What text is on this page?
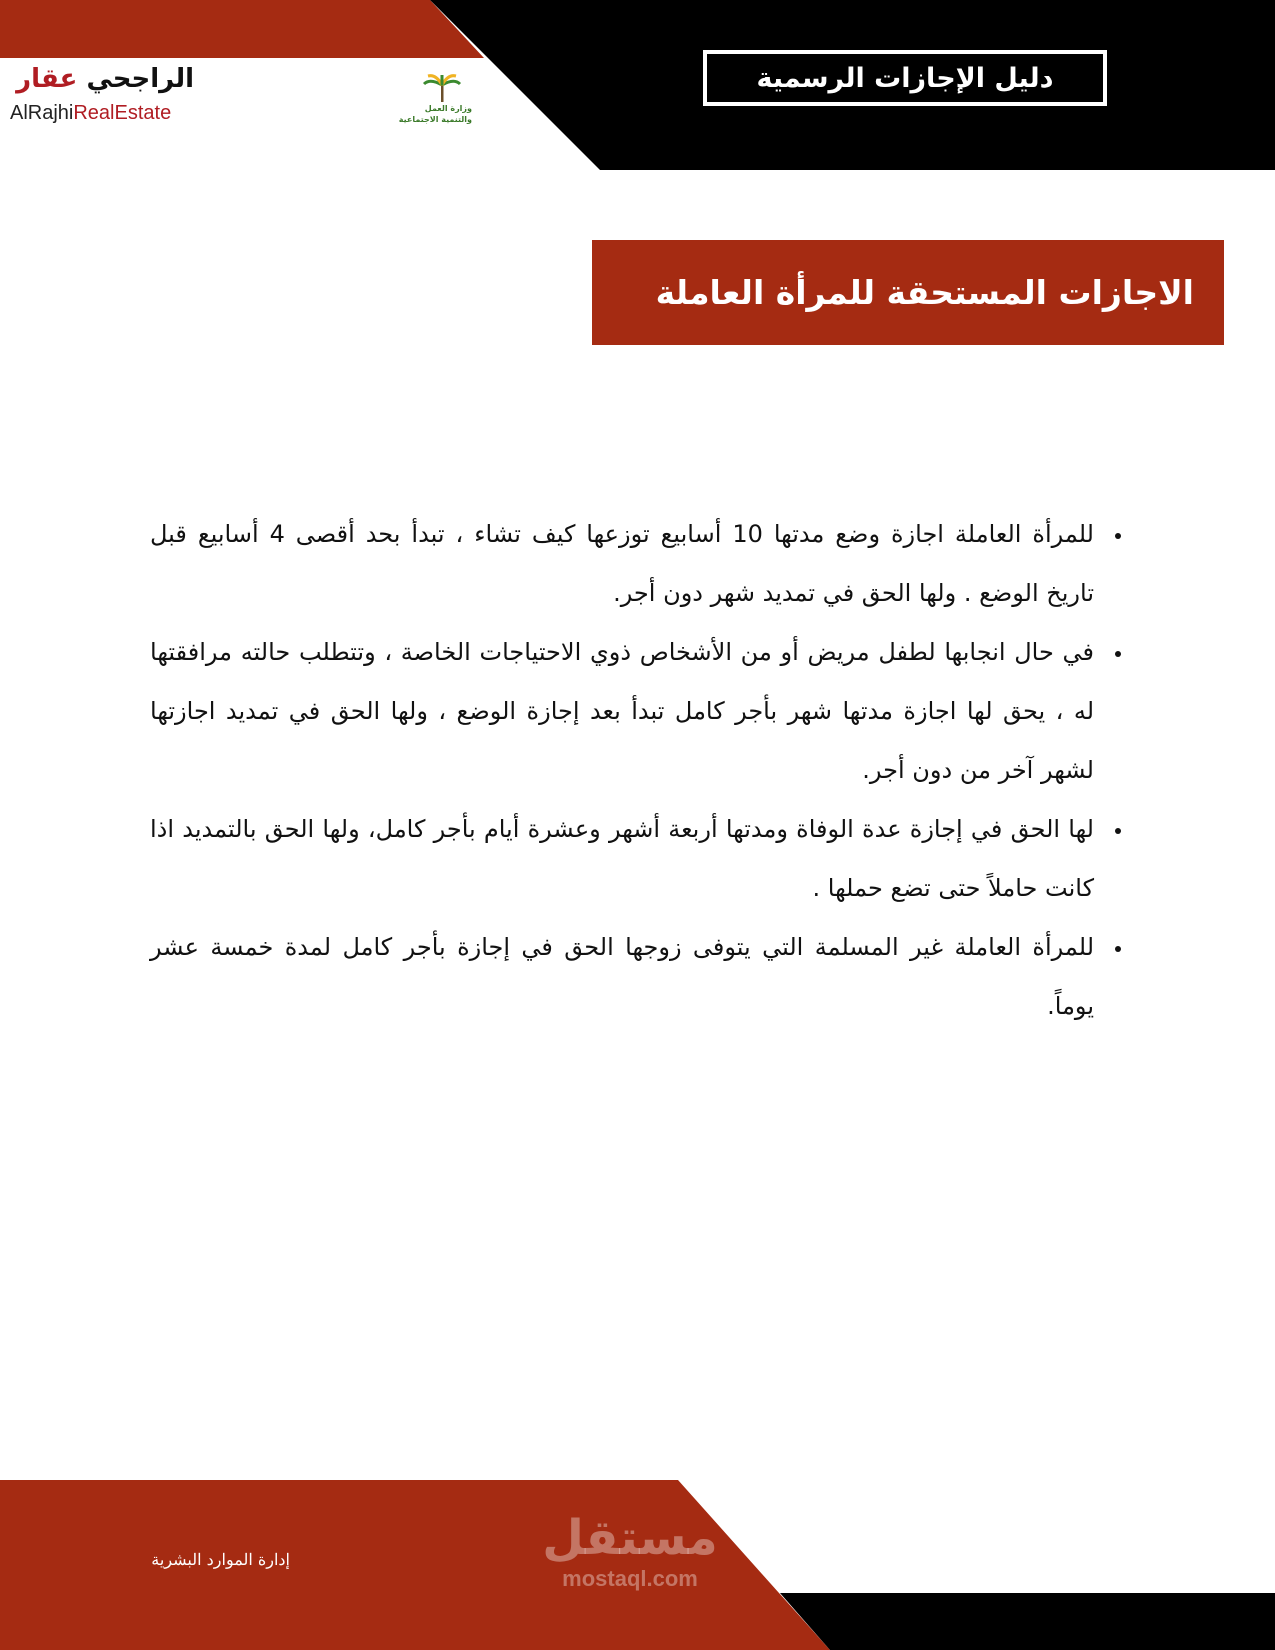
دليل الإجازات الرسمية
الراجحي عقار
AlRajhiRealEstate	وزارة العمل
والتنمية الاجتماعية
الاجازات المستحقة للمرأة العاملة
• للمرأة العاملة اجازة وضع مدتها 10 أسابيع توزعها كيف تشاء ، تبدأ بحد أقصى 4 أسابيع قبل تاريخ الوضع . ولها الحق في تمديد شهر دون أجر.
• في حال انجابها لطفل مريض أو من الأشخاص ذوي الاحتياجات الخاصة ، وتتطلب حالته مرافقتها له ، يحق لها اجازة مدتها شهر بأجر كامل تبدأ بعد إجازة الوضع ، ولها الحق في تمديد اجازتها لشهر آخر من دون أجر.
• لها الحق في إجازة عدة الوفاة ومدتها أربعة أشهر وعشرة أيام بأجر كامل، ولها الحق بالتمديد اذا كانت حاملاً حتى تضع حملها .
• للمرأة العاملة غير المسلمة التي يتوفى زوجها الحق في إجازة بأجر كامل لمدة خمسة عشر يوماً.
مستقل
mostaql.com
إدارة الموارد البشرية
